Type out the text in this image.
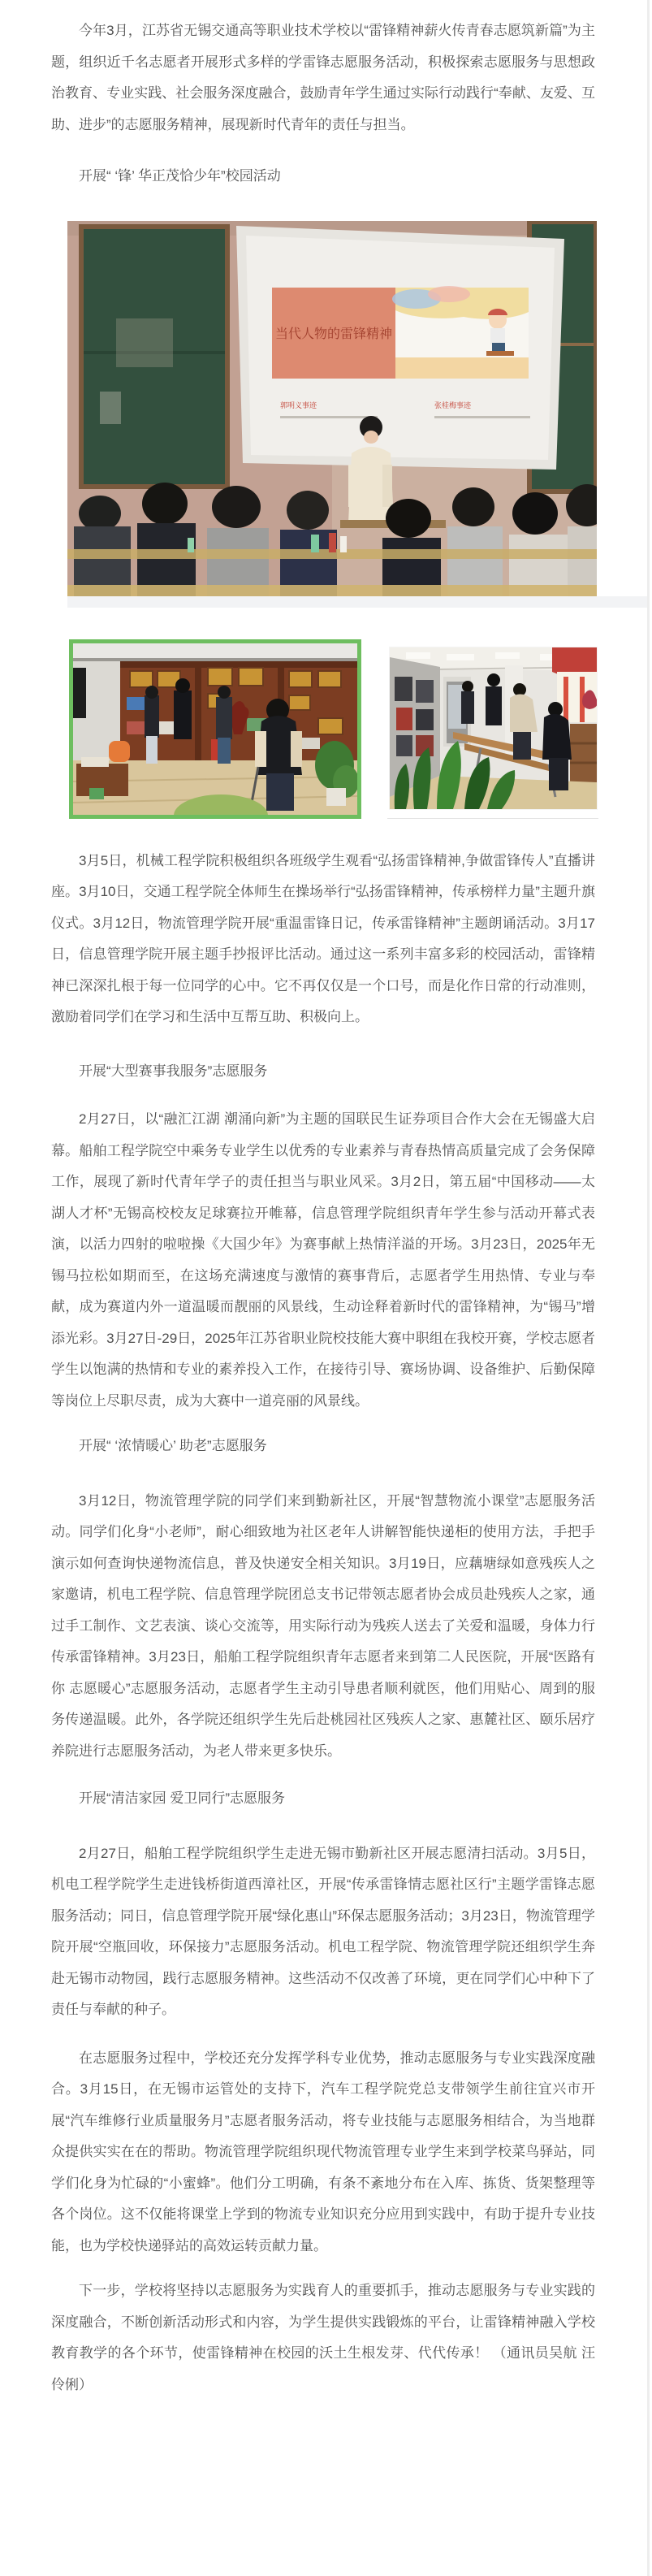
今年3月，江苏省无锡交通高等职业技术学校以“雷锋精神薪火传青春志愿筑新篇”为主题，组织近千名志愿者开展形式多样的学雷锋志愿服务活动，积极探索志愿服务与思想政治教育、专业实践、社会服务深度融合，鼓励青年学生通过实际行动践行“奉献、友爱、互助、进步”的志愿服务精神，展现新时代青年的责任与担当。

开展“ ‘锋’ 华正茂恰少年”校园活动

当代人物的雷锋精神
郭明义事迹	张桂梅事迹

3月5日，机械工程学院积极组织各班级学生观看“弘扬雷锋精神,争做雷锋传人”直播讲座。3月10日，交通工程学院全体师生在操场举行“弘扬雷锋精神，传承榜样力量”主题升旗仪式。3月12日，物流管理学院开展“重温雷锋日记，传承雷锋精神”主题朗诵活动。3月17日，信息管理学院开展主题手抄报评比活动。通过这一系列丰富多彩的校园活动，雷锋精神已深深扎根于每一位同学的心中。它不再仅仅是一个口号，而是化作日常的行动准则，激励着同学们在学习和生活中互帮互助、积极向上。

开展“大型赛事我服务”志愿服务

2月27日，以“融汇江湖 潮涌向新”为主题的国联民生证券项目合作大会在无锡盛大启幕。船舶工程学院空中乘务专业学生以优秀的专业素养与青春热情高质量完成了会务保障工作，展现了新时代青年学子的责任担当与职业风采。3月2日，第五届“中国移动——太湖人才杯”无锡高校校友足球赛拉开帷幕，信息管理学院组织青年学生参与活动开幕式表演，以活力四射的啦啦操《大国少年》为赛事献上热情洋溢的开场。3月23日，2025年无锡马拉松如期而至，在这场充满速度与激情的赛事背后，志愿者学生用热情、专业与奉献，成为赛道内外一道温暖而靓丽的风景线，生动诠释着新时代的雷锋精神，为“锡马”增添光彩。3月27日-29日，2025年江苏省职业院校技能大赛中职组在我校开赛，学校志愿者学生以饱满的热情和专业的素养投入工作，在接待引导、赛场协调、设备维护、后勤保障等岗位上尽职尽责，成为大赛中一道亮丽的风景线。

开展“ ‘浓情暖心’ 助老”志愿服务

3月12日，物流管理学院的同学们来到勤新社区，开展“智慧物流小课堂”志愿服务活动。同学们化身“小老师”，耐心细致地为社区老年人讲解智能快递柜的使用方法，手把手演示如何查询快递物流信息，普及快递安全相关知识。3月19日，应藕塘绿如意残疾人之家邀请，机电工程学院、信息管理学院团总支书记带领志愿者协会成员赴残疾人之家，通过手工制作、文艺表演、谈心交流等，用实际行动为残疾人送去了关爱和温暖，身体力行传承雷锋精神。3月23日，船舶工程学院组织青年志愿者来到第二人民医院，开展“医路有你 志愿暖心”志愿服务活动，志愿者学生主动引导患者顺利就医，他们用贴心、周到的服务传递温暖。此外，各学院还组织学生先后赴桃园社区残疾人之家、惠麓社区、颐乐居疗养院进行志愿服务活动，为老人带来更多快乐。

开展“清洁家园 爱卫同行”志愿服务

2月27日，船舶工程学院组织学生走进无锡市勤新社区开展志愿清扫活动。3月5日，机电工程学院学生走进钱桥街道西漳社区，开展“传承雷锋情志愿社区行”主题学雷锋志愿服务活动；同日，信息管理学院开展“绿化惠山”环保志愿服务活动；3月23日，物流管理学院开展“空瓶回收，环保接力”志愿服务活动。机电工程学院、物流管理学院还组织学生奔赴无锡市动物园，践行志愿服务精神。这些活动不仅改善了环境，更在同学们心中种下了责任与奉献的种子。

在志愿服务过程中，学校还充分发挥学科专业优势，推动志愿服务与专业实践深度融合。3月15日，在无锡市运管处的支持下，汽车工程学院党总支带领学生前往宜兴市开展“汽车维修行业质量服务月”志愿者服务活动，将专业技能与志愿服务相结合，为当地群众提供实实在在的帮助。物流管理学院组织现代物流管理专业学生来到学校菜鸟驿站，同学们化身为忙碌的“小蜜蜂”。他们分工明确，有条不紊地分布在入库、拣货、货架整理等各个岗位。这不仅能将课堂上学到的物流专业知识充分应用到实践中，有助于提升专业技能，也为学校快递驿站的高效运转贡献力量。

下一步，学校将坚持以志愿服务为实践育人的重要抓手，推动志愿服务与专业实践的深度融合，不断创新活动形式和内容，为学生提供实践锻炼的平台，让雷锋精神融入学校教育教学的各个环节，使雷锋精神在校园的沃土生根发芽、代代传承！ （通讯员吴航 汪伶俐）
